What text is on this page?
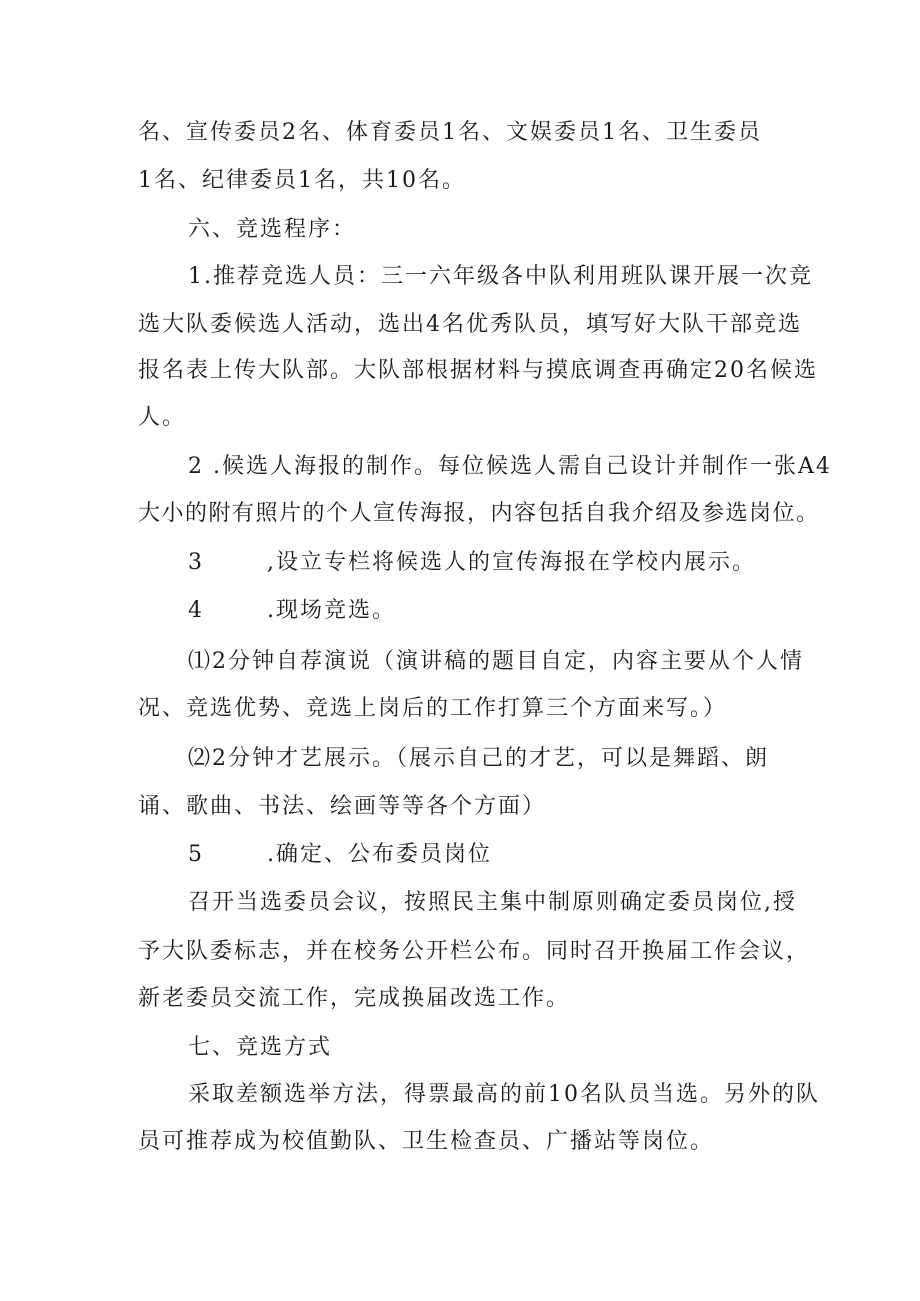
名、宣传委员2名、体育委员1名、文娱委员1名、卫生委员
1名、纪律委员1名，共10名。
六、竞选程序：
1.推荐竞选人员：三一六年级各中队利用班队课开展一次竞
选大队委候选人活动，选出4名优秀队员，填写好大队干部竞选
报名表上传大队部。大队部根据材料与摸底调查再确定20名候选
人。
2 .候选人海报的制作。每位候选人需自己设计并制作一张A4
大小的附有照片的个人宣传海报，内容包括自我介绍及参选岗位。
3       ,设立专栏将候选人的宣传海报在学校内展示。
4       .现场竞选。
⑴2分钟自荐演说（演讲稿的题目自定，内容主要从个人情
况、竞选优势、竞选上岗后的工作打算三个方面来写。）
⑵2分钟才艺展示。（展示自己的才艺，可以是舞蹈、朗
诵、歌曲、书法、绘画等等各个方面）
5       .确定、公布委员岗位
召开当选委员会议，按照民主集中制原则确定委员岗位,授
予大队委标志，并在校务公开栏公布。同时召开换届工作会议，
新老委员交流工作，完成换届改选工作。
七、竞选方式
采取差额选举方法，得票最高的前10名队员当选。另外的队
员可推荐成为校值勤队、卫生检查员、广播站等岗位。
